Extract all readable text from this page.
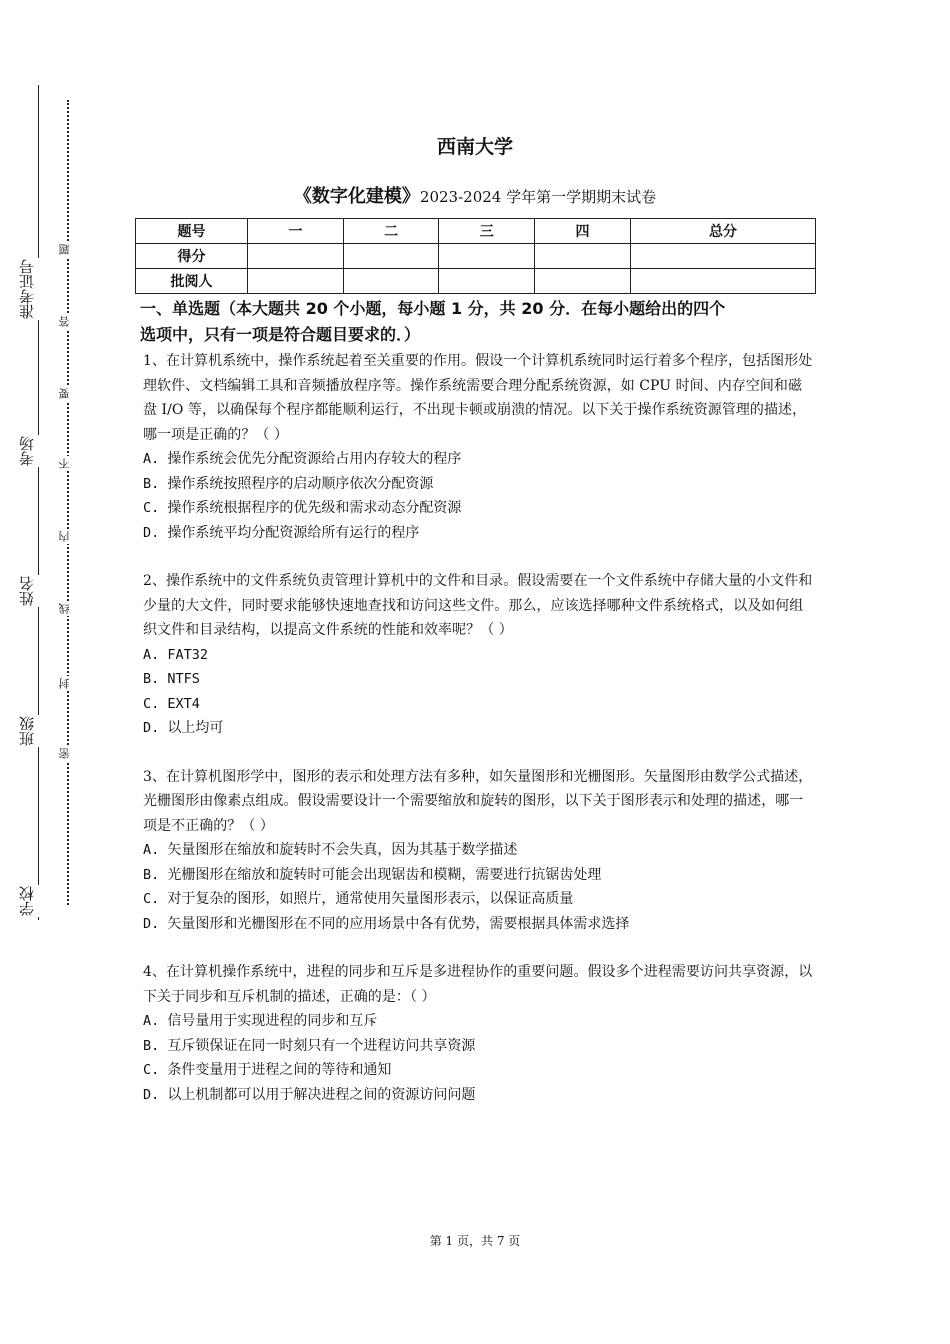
学校
班级
姓名
考场
准考证号
密
封
线
内
不
要
答
题
西南大学
《数字化建模》2023-2024 学年第一学期期末试卷
题号	一	二	三	四	总分
得分					
批阅人					
一、单选题（本大题共 20 个小题，每小题 1 分，共 20 分．在每小题给出的四个
选项中，只有一项是符合题目要求的．）
1、在计算机系统中，操作系统起着至关重要的作用。假设一个计算机系统同时运行着多个程序，包括图形处理软件、文档编辑工具和音频播放程序等。操作系统需要合理分配系统资源，如 CPU 时间、内存空间和磁盘 I/O 等，以确保每个程序都能顺利运行，不出现卡顿或崩溃的情况。以下关于操作系统资源管理的描述，哪一项是正确的？（ ）
A. 操作系统会优先分配资源给占用内存较大的程序
B. 操作系统按照程序的启动顺序依次分配资源
C. 操作系统根据程序的优先级和需求动态分配资源
D. 操作系统平均分配资源给所有运行的程序
2、操作系统中的文件系统负责管理计算机中的文件和目录。假设需要在一个文件系统中存储大量的小文件和少量的大文件，同时要求能够快速地查找和访问这些文件。那么，应该选择哪种文件系统格式，以及如何组织文件和目录结构，以提高文件系统的性能和效率呢？（ ）
A. FAT32
B. NTFS
C. EXT4
D. 以上均可
3、在计算机图形学中，图形的表示和处理方法有多种，如矢量图形和光栅图形。矢量图形由数学公式描述，光栅图形由像素点组成。假设需要设计一个需要缩放和旋转的图形，以下关于图形表示和处理的描述，哪一项是不正确的？（ ）
A. 矢量图形在缩放和旋转时不会失真，因为其基于数学描述
B. 光栅图形在缩放和旋转时可能会出现锯齿和模糊，需要进行抗锯齿处理
C. 对于复杂的图形，如照片，通常使用矢量图形表示，以保证高质量
D. 矢量图形和光栅图形在不同的应用场景中各有优势，需要根据具体需求选择
4、在计算机操作系统中，进程的同步和互斥是多进程协作的重要问题。假设多个进程需要访问共享资源，以下关于同步和互斥机制的描述，正确的是：（ ）
A. 信号量用于实现进程的同步和互斥
B. 互斥锁保证在同一时刻只有一个进程访问共享资源
C. 条件变量用于进程之间的等待和通知
D. 以上机制都可以用于解决进程之间的资源访问问题
第 1 页，共 7 页
